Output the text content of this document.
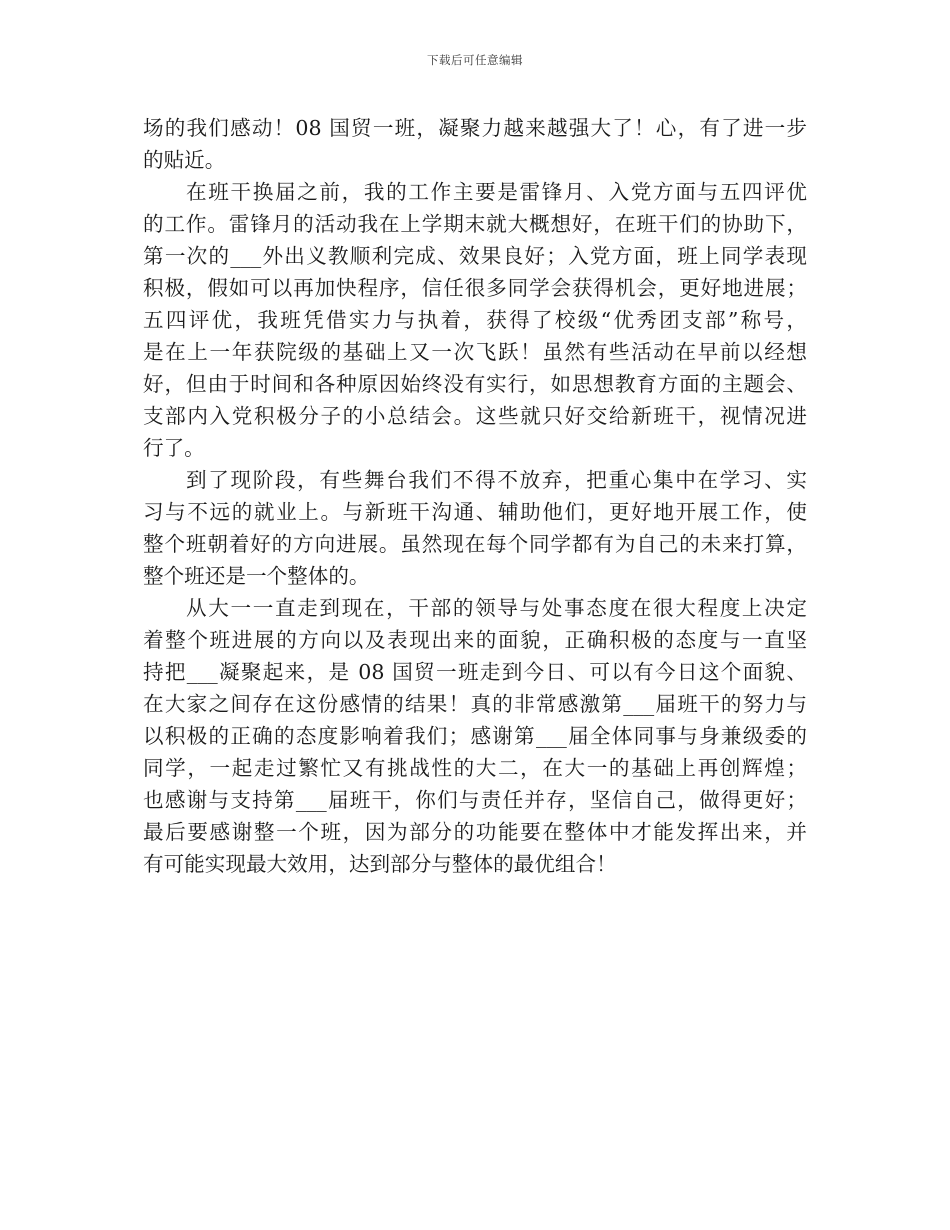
下载后可任意编辑
场的我们感动！08 国贸一班，凝聚力越来越强大了！心，有了进一步
的贴近。
在班干换届之前，我的工作主要是雷锋月、入党方面与五四评优
的工作。雷锋月的活动我在上学期末就大概想好，在班干们的协助下，
第一次的___外出义教顺利完成、效果良好；入党方面，班上同学表现
积极，假如可以再加快程序，信任很多同学会获得机会，更好地进展；
五四评优，我班凭借实力与执着，获得了校级“优秀团支部”称号，
是在上一年获院级的基础上又一次飞跃！虽然有些活动在早前以经想
好，但由于时间和各种原因始终没有实行，如思想教育方面的主题会、
支部内入党积极分子的小总结会。这些就只好交给新班干，视情况进
行了。
到了现阶段，有些舞台我们不得不放弃，把重心集中在学习、实
习与不远的就业上。与新班干沟通、辅助他们，更好地开展工作，使
整个班朝着好的方向进展。虽然现在每个同学都有为自己的未来打算，
整个班还是一个整体的。
从大一一直走到现在，干部的领导与处事态度在很大程度上决定
着整个班进展的方向以及表现出来的面貌，正确积极的态度与一直坚
持把___凝聚起来，是 08 国贸一班走到今日、可以有今日这个面貌、
在大家之间存在这份感情的结果！真的非常感激第___届班干的努力与
以积极的正确的态度影响着我们；感谢第___届全体同事与身兼级委的
同学，一起走过繁忙又有挑战性的大二，在大一的基础上再创辉煌；
也感谢与支持第___届班干，你们与责任并存，坚信自己，做得更好；
最后要感谢整一个班，因为部分的功能要在整体中才能发挥出来，并
有可能实现最大效用，达到部分与整体的最优组合！
